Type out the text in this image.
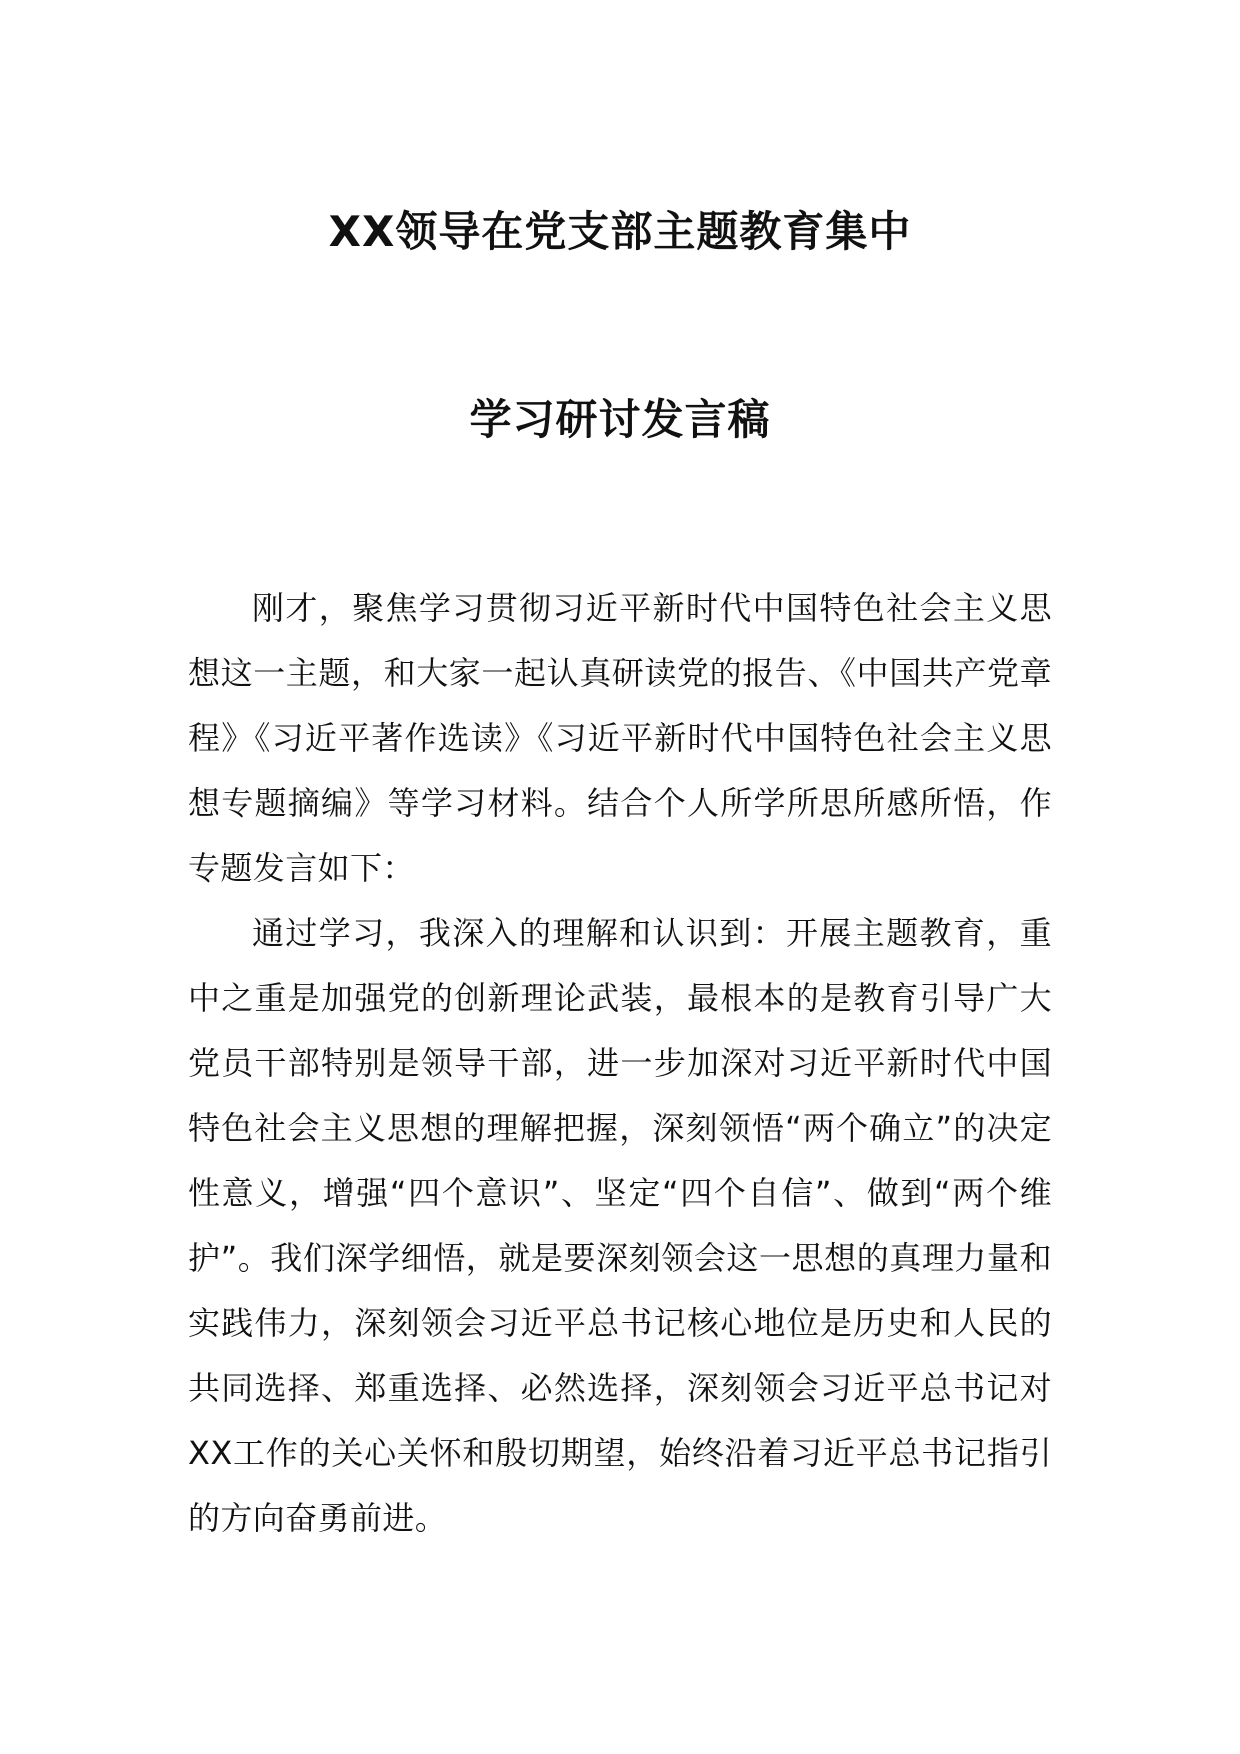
XX领导在党支部主题教育集中
学习研讨发言稿

刚才，聚焦学习贯彻习近平新时代中国特色社会主义思想这一主题，和大家一起认真研读党的报告、《中国共产党章程》《习近平著作选读》《习近平新时代中国特色社会主义思想专题摘编》等学习材料。结合个人所学所思所感所悟，作专题发言如下：

通过学习，我深入的理解和认识到：开展主题教育，重中之重是加强党的创新理论武装，最根本的是教育引导广大党员干部特别是领导干部，进一步加深对习近平新时代中国特色社会主义思想的理解把握，深刻领悟“两个确立”的决定性意义，增强“四个意识”、坚定“四个自信”、做到“两个维护”。我们深学细悟，就是要深刻领会这一思想的真理力量和实践伟力，深刻领会习近平总书记核心地位是历史和人民的共同选择、郑重选择、必然选择，深刻领会习近平总书记对XX工作的关心关怀和殷切期望，始终沿着习近平总书记指引的方向奋勇前进。
